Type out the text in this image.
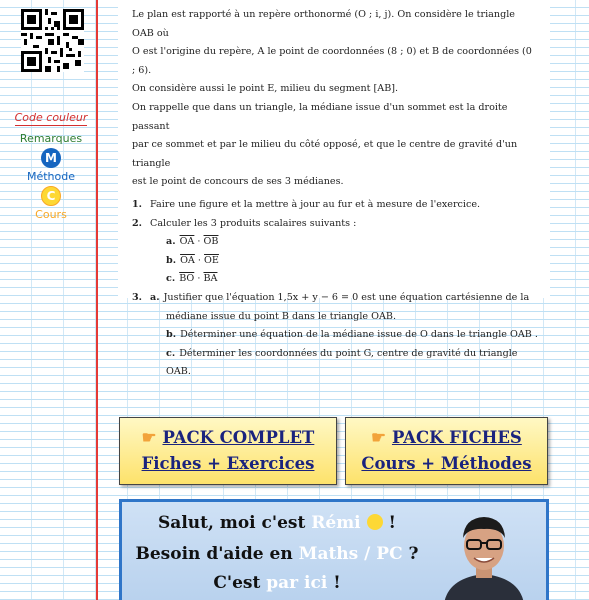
Code couleur
Remarques
M
Méthode
C
Cours

Le plan est rapporté à un repère orthonormé (O ; i, j). On considère le triangle OAB où

O est l'origine du repère, A le point de coordonnées (8 ; 0) et B de coordonnées (0 ; 6).

On considère aussi le point E, milieu du segment [AB].

On rappelle que dans un triangle, la médiane issue d'un sommet est la droite passant

par ce sommet et par le milieu du côté opposé, et que le centre de gravité d'un triangle

est le point de concours de ses 3 médianes.

1. Faire une figure et la mettre à jour au fur et à mesure de l'exercice.
2. Calculer les 3 produits scalaires suivants :
a. $\overline{OA} \cdot \overline{OB}$
b. $\overline{OA} \cdot \overline{OE}$
c. $\overline{BO} \cdot \overline{BA}$
3. a. Justifier que l'équation 1,5x + y − 6 = 0 est une équation cartésienne de la
médiane issue du point B dans le triangle OAB.
b. Déterminer une équation de la médiane issue de O dans le triangle OAB .
c. Déterminer les coordonnées du point G, centre de gravité du triangle OAB.
☛ PACK COMPLET
Fiches + Exercices
☛ PACK FICHES
Cours + Méthodes
Salut, moi c'est Rémi  !
Besoin d'aide en Maths / PC ?
C'est par ici !
